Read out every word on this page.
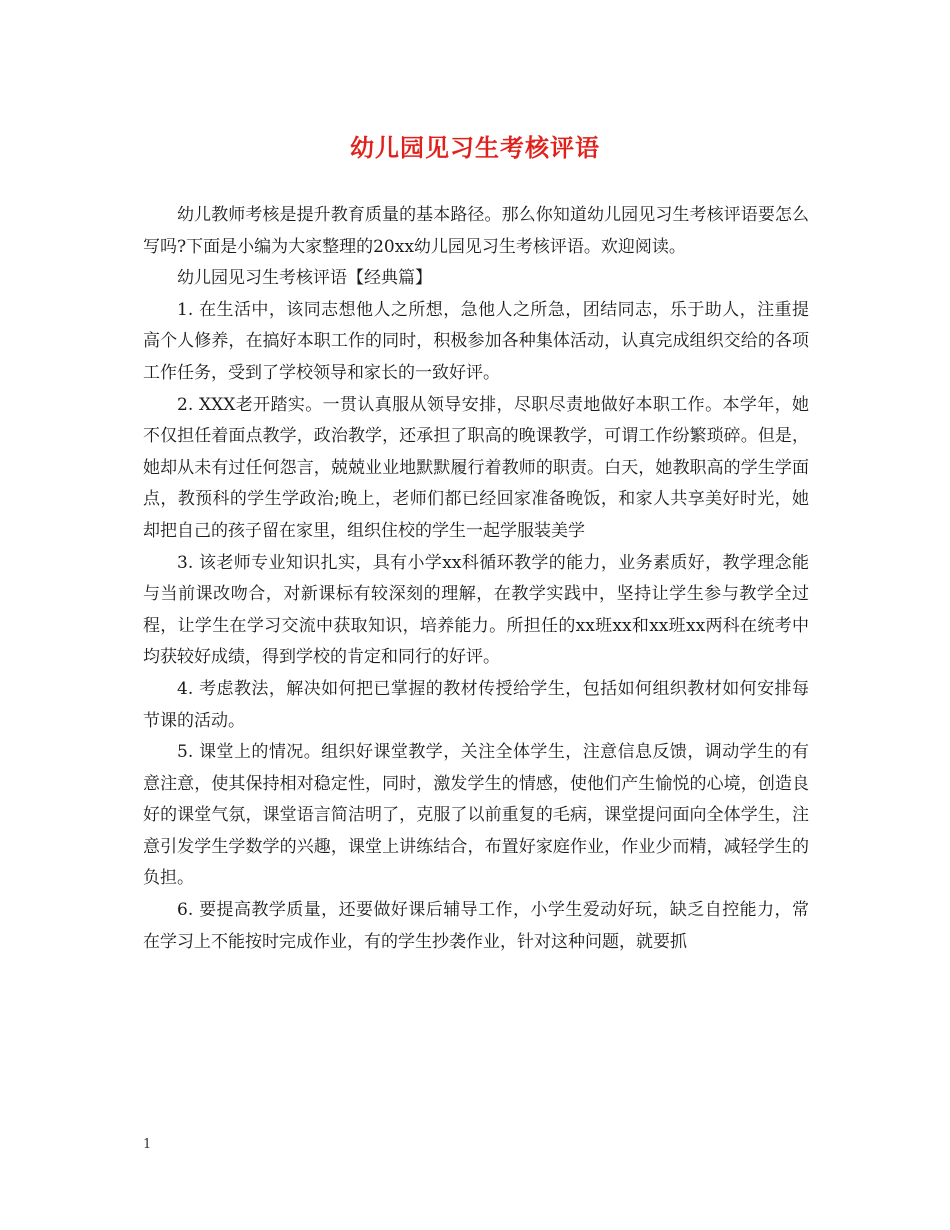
幼儿园见习生考核评语

幼儿教师考核是提升教育质量的基本路径。那么你知道幼儿园见习生考核评语要怎么写吗?下面是小编为大家整理的20xx幼儿园见习生考核评语。欢迎阅读。

幼儿园见习生考核评语【经典篇】

1. 在生活中，该同志想他人之所想，急他人之所急，团结同志，乐于助人，注重提高个人修养，在搞好本职工作的同时，积极参加各种集体活动，认真完成组织交给的各项工作任务，受到了学校领导和家长的一致好评。

2. XXX老开踏实。一贯认真服从领导安排，尽职尽责地做好本职工作。本学年，她不仅担任着面点教学，政治教学，还承担了职高的晚课教学，可谓工作纷繁琐碎。但是，她却从未有过任何怨言，兢兢业业地默默履行着教师的职责。白天，她教职高的学生学面点，教预科的学生学政治;晚上，老师们都已经回家准备晚饭，和家人共享美好时光，她却把自己的孩子留在家里，组织住校的学生一起学服装美学

3. 该老师专业知识扎实，具有小学xx科循环教学的能力，业务素质好，教学理念能与当前课改吻合，对新课标有较深刻的理解，在教学实践中，坚持让学生参与教学全过程，让学生在学习交流中获取知识，培养能力。所担任的xx班xx和xx班xx两科在统考中均获较好成绩，得到学校的肯定和同行的好评。

4. 考虑教法，解决如何把已掌握的教材传授给学生，包括如何组织教材如何安排每节课的活动。

5. 课堂上的情况。组织好课堂教学，关注全体学生，注意信息反馈，调动学生的有意注意，使其保持相对稳定性，同时，激发学生的情感，使他们产生愉悦的心境，创造良好的课堂气氛，课堂语言简洁明了，克服了以前重复的毛病，课堂提问面向全体学生，注意引发学生学数学的兴趣，课堂上讲练结合，布置好家庭作业，作业少而精，减轻学生的负担。

6. 要提高教学质量，还要做好课后辅导工作，小学生爱动好玩，缺乏自控能力，常在学习上不能按时完成作业，有的学生抄袭作业，针对这种问题，就要抓

1
